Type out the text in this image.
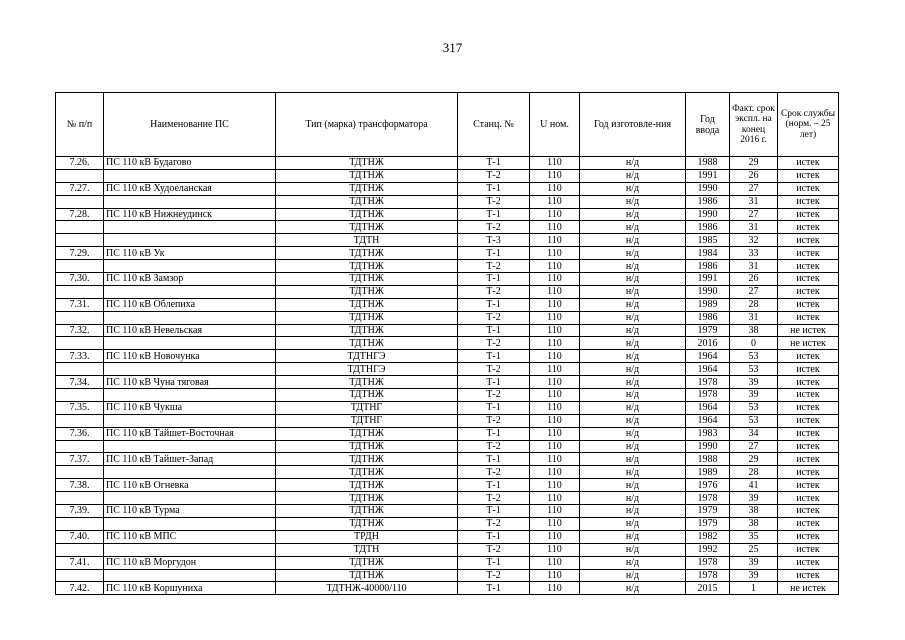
317
№ п/п	Наименование ПС	Тип (марка) трансформатора	Станц. №	U ном.	Год изготовле-ния	Год ввода	Факт. срок экспл. на конец 2016 г.	Срок службы (норм. – 25 лет)
7.26.	ПС 110 кВ Будагово	ТДТНЖ	Т-1	110	н/д	1988	29	истек
		ТДТНЖ	Т-2	110	н/д	1991	26	истек
7.27.	ПС 110 кВ Худоеланская	ТДТНЖ	Т-1	110	н/д	1990	27	истек
		ТДТНЖ	Т-2	110	н/д	1986	31	истек
7.28.	ПС 110 кВ Нижнеудинск	ТДТНЖ	Т-1	110	н/д	1990	27	истек
		ТДТНЖ	Т-2	110	н/д	1986	31	истек
		ТДТН	Т-3	110	н/д	1985	32	истек
7.29.	ПС 110 кВ Ук	ТДТНЖ	Т-1	110	н/д	1984	33	истек
		ТДТНЖ	Т-2	110	н/д	1986	31	истек
7.30.	ПС 110 кВ Замзор	ТДТНЖ	Т-1	110	н/д	1991	26	истек
		ТДТНЖ	Т-2	110	н/д	1990	27	истек
7.31.	ПС 110 кВ Облепиха	ТДТНЖ	Т-1	110	н/д	1989	28	истек
		ТДТНЖ	Т-2	110	н/д	1986	31	истек
7.32.	ПС 110 кВ Невельская	ТДТНЖ	Т-1	110	н/д	1979	38	не истек
		ТДТНЖ	Т-2	110	н/д	2016	0	не истек
7.33.	ПС 110 кВ Новочунка	ТДТНГЭ	Т-1	110	н/д	1964	53	истек
		ТДТНГЭ	Т-2	110	н/д	1964	53	истек
7.34.	ПС 110 кВ Чуна тяговая	ТДТНЖ	Т-1	110	н/д	1978	39	истек
		ТДТНЖ	Т-2	110	н/д	1978	39	истек
7.35.	ПС 110 кВ Чукша	ТДТНГ	Т-1	110	н/д	1964	53	истек
		ТДТНГ	Т-2	110	н/д	1964	53	истек
7.36.	ПС 110 кВ Тайшет-Восточная	ТДТНЖ	Т-1	110	н/д	1983	34	истек
		ТДТНЖ	Т-2	110	н/д	1990	27	истек
7.37.	ПС 110 кВ Тайшет-Запад	ТДТНЖ	Т-1	110	н/д	1988	29	истек
		ТДТНЖ	Т-2	110	н/д	1989	28	истек
7.38.	ПС 110 кВ Огневка	ТДТНЖ	Т-1	110	н/д	1976	41	истек
		ТДТНЖ	Т-2	110	н/д	1978	39	истек
7.39.	ПС 110 кВ Турма	ТДТНЖ	Т-1	110	н/д	1979	38	истек
		ТДТНЖ	Т-2	110	н/д	1979	38	истек
7.40.	ПС 110 кВ МПС	ТРДН	Т-1	110	н/д	1982	35	истек
		ТДТН	Т-2	110	н/д	1992	25	истек
7.41.	ПС 110 кВ Моргудон	ТДТНЖ	Т-1	110	н/д	1978	39	истек
		ТДТНЖ	Т-2	110	н/д	1978	39	истек
7.42.	ПС 110 кВ Коршуниха	ТДТНЖ-40000/110	Т-1	110	н/д	2015	1	не истек
